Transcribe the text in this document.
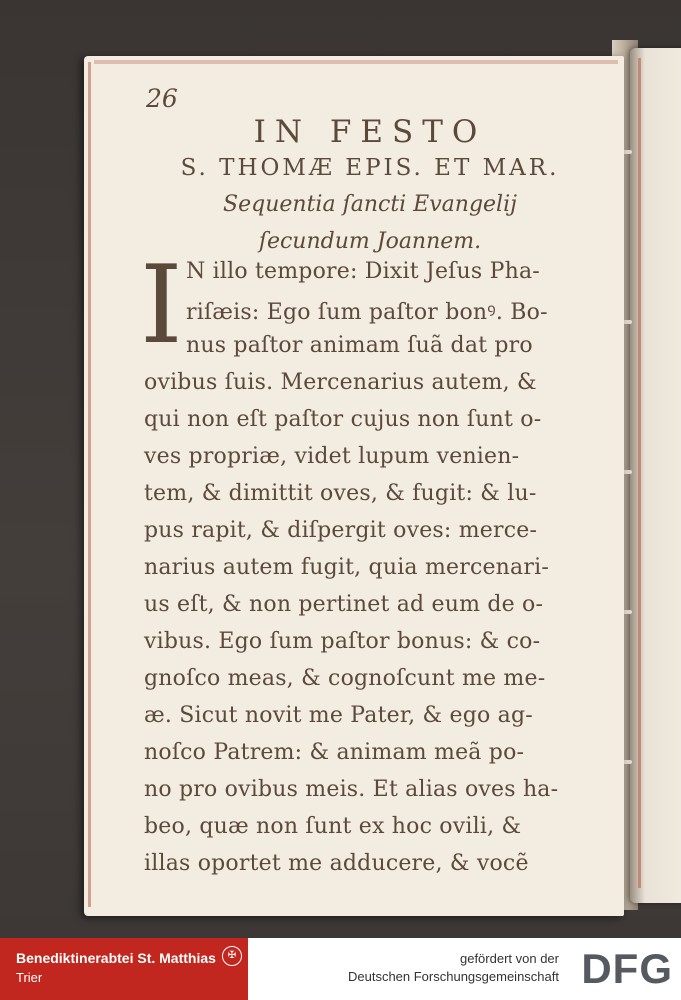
26
IN FESTO
S. THOMÆ EPIS. ET MAR.
Sequentia ſancti Evangelij
ſecundum Joannem.
I N illo tempore: Dixit Jeſus Pha-
riſæis: Ego ſum paſtor bonꝰ. Bo-
nus paſtor animam ſuã dat pro
ovibus ſuis. Mercenarius autem, &
qui non eſt paſtor cujus non ſunt o-
ves propriæ, videt lupum venien-
tem, & dimittit oves, & fugit: & lu-
pus rapit, & diſpergit oves: merce-
narius autem fugit, quia mercenari-
us eſt, & non pertinet ad eum de o-
vibus. Ego ſum paſtor bonus: & co-
gnoſco meas, & cognoſcunt me me-
æ. Sicut novit me Pater, & ego ag-
noſco Patrem: & animam meã po-
no pro ovibus meis. Et alias oves ha-
beo, quæ non ſunt ex hoc ovili, &
illas oportet me adducere, & vocẽ
Benediktinerabtei St. Matthias
Trier
✠	gefördert von der
Deutschen Forschungsgemeinschaft DFG
